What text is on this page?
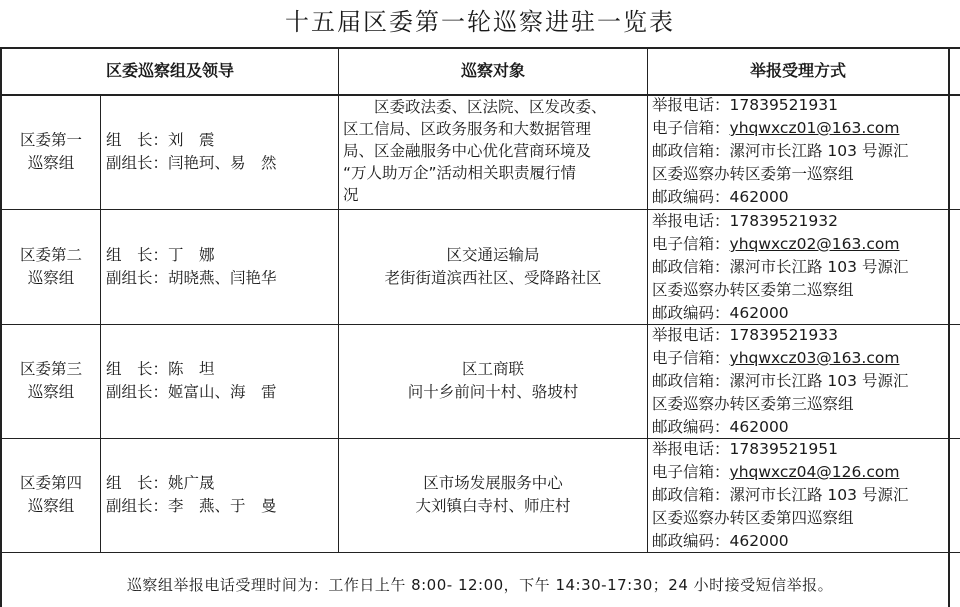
十五届区委第一轮巡察进驻一览表
区委巡察组及领导	巡察对象	举报受理方式
区委第一
巡察组
组　长：刘　震
副组长：闫艳珂、易　然
　　区委政法委、区法院、区发改委、
区工信局、区政务服务和大数据管理
局、区金融服务中心优化营商环境及
“万人助万企”活动相关职责履行情
况
举报电话：17839521931
电子信箱：yhqwxcz01@163.com
邮政信箱：漯河市长江路 103 号源汇
区委巡察办转区委第一巡察组
邮政编码：462000
区委第二
巡察组
组　长：丁　娜
副组长：胡晓燕、闫艳华
区交通运输局
老街街道滨西社区、受降路社区
举报电话：17839521932
电子信箱：yhqwxcz02@163.com
邮政信箱：漯河市长江路 103 号源汇
区委巡察办转区委第二巡察组
邮政编码：462000
区委第三
巡察组
组　长：陈　坦
副组长：姬富山、海　雷
区工商联
问十乡前问十村、骆坡村
举报电话：17839521933
电子信箱：yhqwxcz03@163.com
邮政信箱：漯河市长江路 103 号源汇
区委巡察办转区委第三巡察组
邮政编码：462000
区委第四
巡察组
组　长：姚广晟
副组长：李　燕、于　曼
区市场发展服务中心
大刘镇白寺村、师庄村
举报电话：17839521951
电子信箱：yhqwxcz04@126.com
邮政信箱：漯河市长江路 103 号源汇
区委巡察办转区委第四巡察组
邮政编码：462000
巡察组举报电话受理时间为：工作日上午 8:00- 12:00，下午 14:30-17:30；24 小时接受短信举报。
